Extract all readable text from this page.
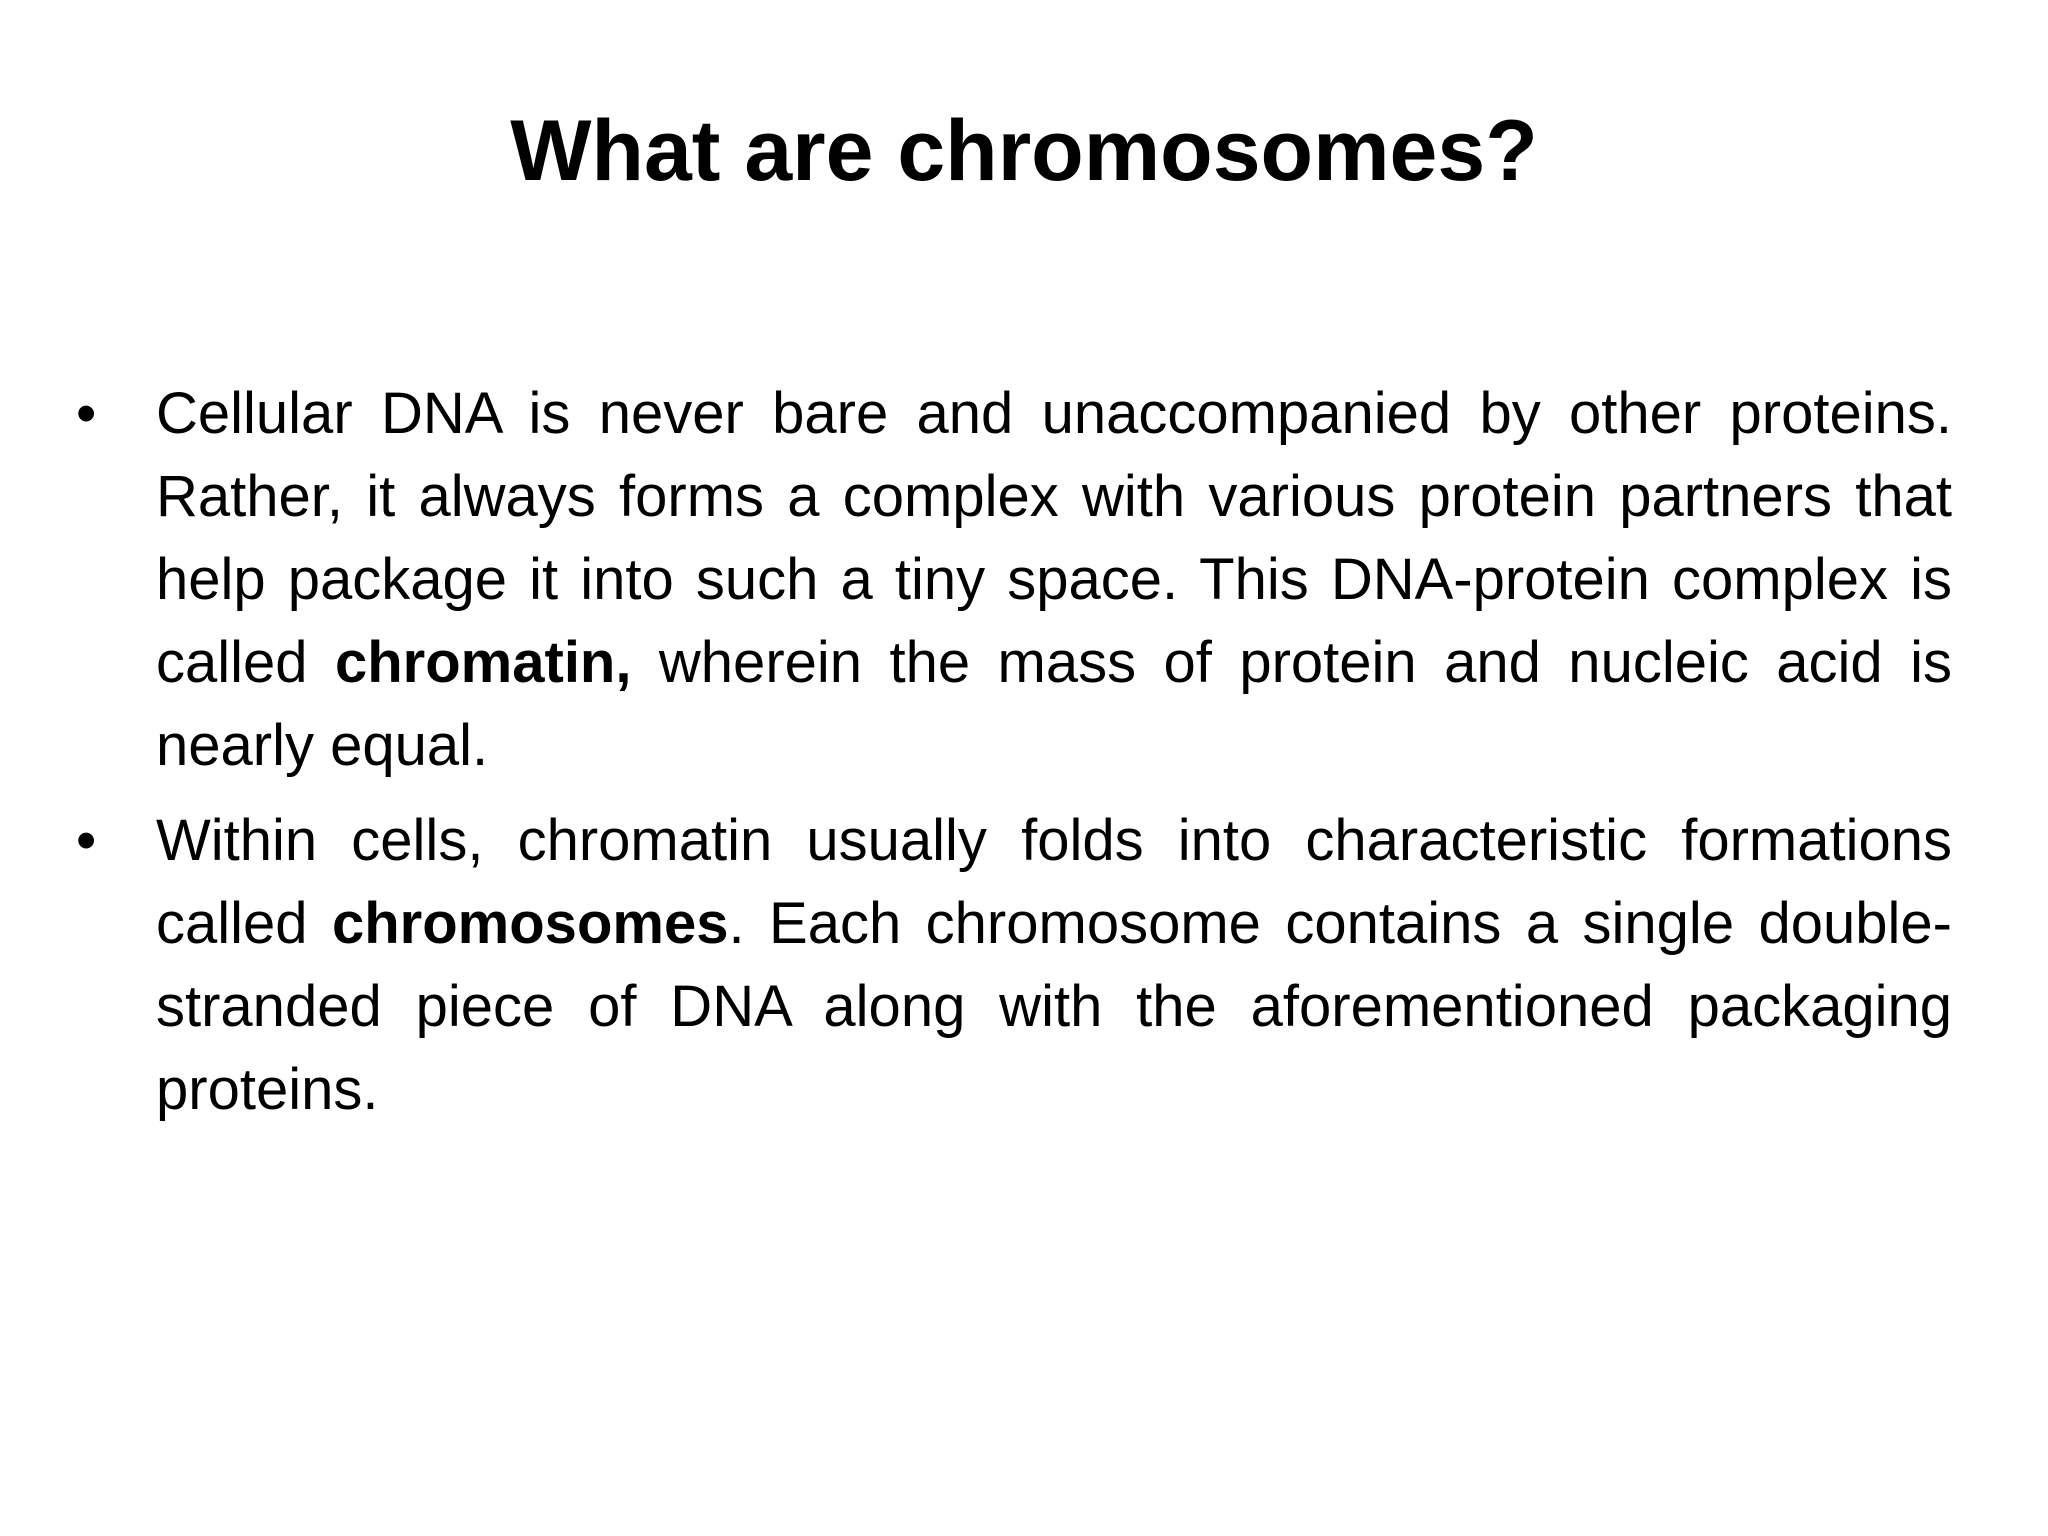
What are chromosomes?
• Cellular DNA is never bare and unaccompanied by other proteins. Rather, it always forms a complex with various protein partners that help package it into such a tiny space. This DNA-protein complex is called chromatin, wherein the mass of protein and nucleic acid is nearly equal.
• Within cells, chromatin usually folds into characteristic formations called chromosomes. Each chromosome contains a single double-stranded piece of DNA along with the aforementioned packaging proteins.
